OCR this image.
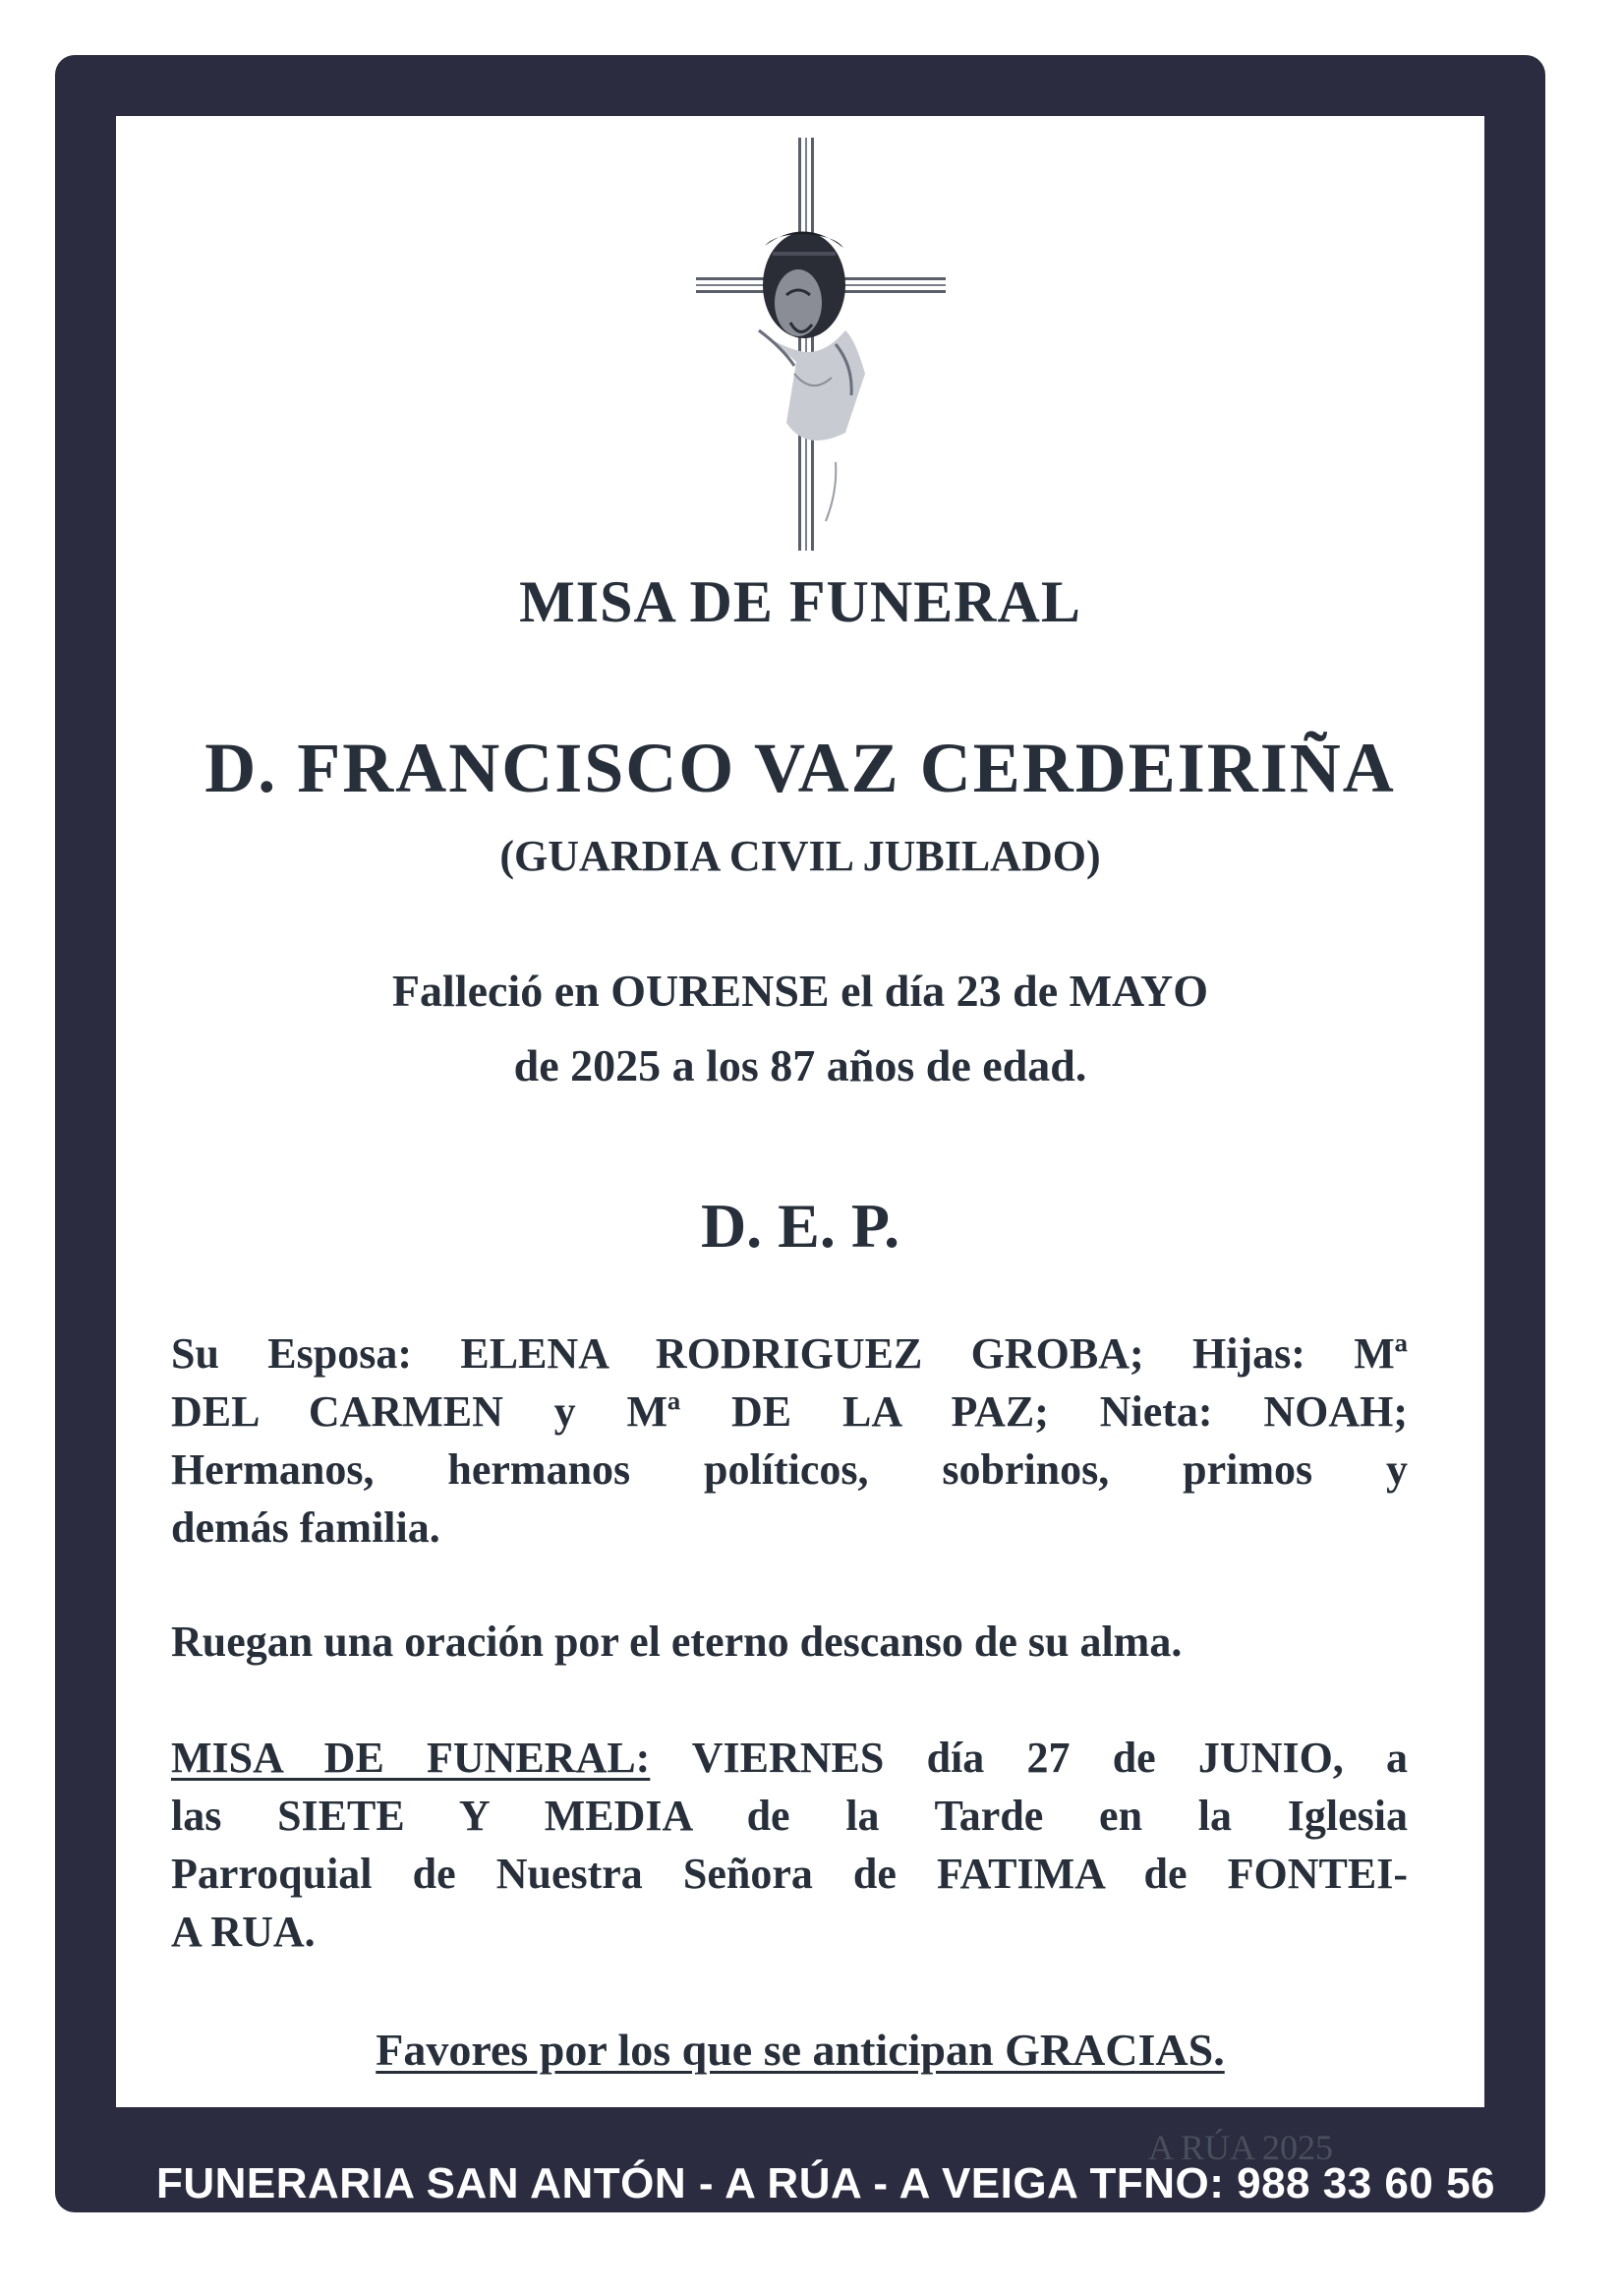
MISA DE FUNERAL
D. FRANCISCO VAZ CERDEIRIÑA
(GUARDIA CIVIL JUBILADO)
Falleció en OURENSE el día 23 de MAYO
de 2025 a los 87 años de edad.
D. E. P.
Su Esposa: ELENA RODRIGUEZ GROBA; Hijas: Mª
DEL CARMEN y Mª DE LA PAZ; Nieta: NOAH;
Hermanos, hermanos políticos, sobrinos, primos y
demás familia.
Ruegan una oración por el eterno descanso de su alma.
MISA DE FUNERAL: VIERNES día 27 de JUNIO, a
las SIETE Y MEDIA de la Tarde en la Iglesia
Parroquial de Nuestra Señora de FATIMA de FONTEI-
A RUA.
Favores por los que se anticipan GRACIAS.
A RÚA 2025
FUNERARIA SAN ANTÓN - A RÚA - A VEIGA TFNO: 988 33 60 56
